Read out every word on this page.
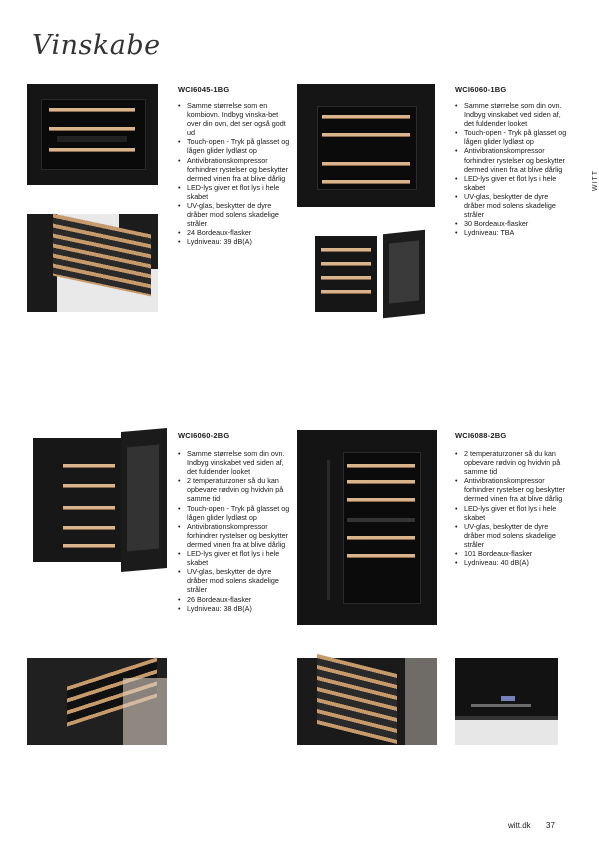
Vinskabe
WITT
WCI6045-1BG
• Samme størrelse som en kombiovn. Indbyg vinska-bet over din ovn, det ser også godt ud
• Touch-open - Tryk på glasset og lågen glider lydløst op
• Antivibrationskompressor forhindrer rystelser og beskytter dermed vinen fra at blive dårlig
• LED-lys giver et flot lys i hele skabet
• UV-glas, beskytter de dyre dråber mod solens skadelige stråler
• 24 Bordeaux-flasker
• Lydniveau: 39 dB(A)
WCI6060-1BG
• Samme størrelse som din ovn. Indbyg vinskabet ved siden af, det fuldender looket
• Touch-open - Tryk på glasset og lågen glider lydløst op
• Antivibrationskompressor forhindrer rystelser og beskytter dermed vinen fra at blive dårlig
• LED-lys giver et flot lys i hele skabet
• UV-glas, beskytter de dyre dråber mod solens skadelige stråler
• 30 Bordeaux-flasker
• Lydniveau: TBA
WCI6060-2BG
• Samme størrelse som din ovn. Indbyg vinskabet ved siden af, det fuldender looket
• 2 temperaturzoner så du kan opbevare rødvin og hvidvin på samme tid
• Touch-open - Tryk på glasset og lågen glider lydløst op
• Antivibrationskompressor forhindrer rystelser og beskytter dermed vinen fra at blive dårlig
• LED-lys giver et flot lys i hele skabet
• UV-glas, beskytter de dyre dråber mod solens skadelige stråler
• 26 Bordeaux-flasker
• Lydniveau: 38 dB(A)
WCI6088-2BG
• 2 temperaturzoner så du kan opbevare rødvin og hvidvin på samme tid
• Antivibrationskompressor forhindrer rystelser og beskytter dermed vinen fra at blive dårlig
• LED-lys giver et flot lys i hele skabet
• UV-glas, beskytter de dyre dråber mod solens skadelige stråler
• 101 Bordeaux-flasker
• Lydniveau: 40 dB(A)
witt.dk 37
